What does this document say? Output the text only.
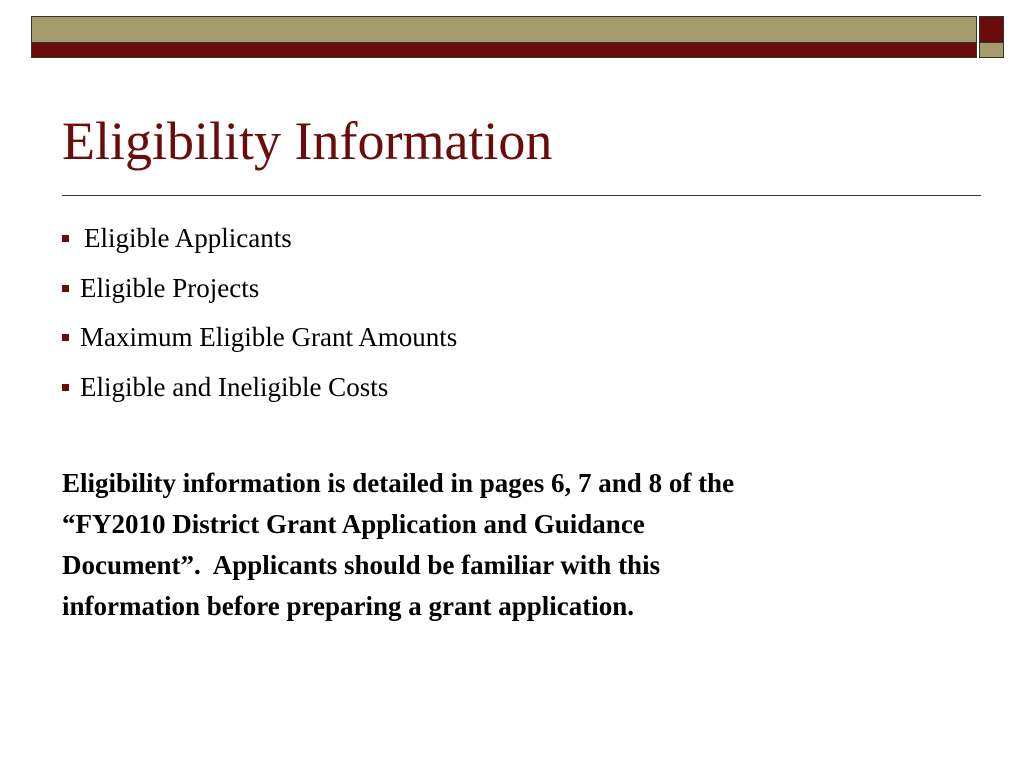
Eligibility Information
Eligible Applicants
Eligible Projects
Maximum Eligible Grant Amounts
Eligible and Ineligible Costs

Eligibility information is detailed in pages 6, 7 and 8 of the
“FY2010 District Grant Application and Guidance
Document”.  Applicants should be familiar with this
information before preparing a grant application.
